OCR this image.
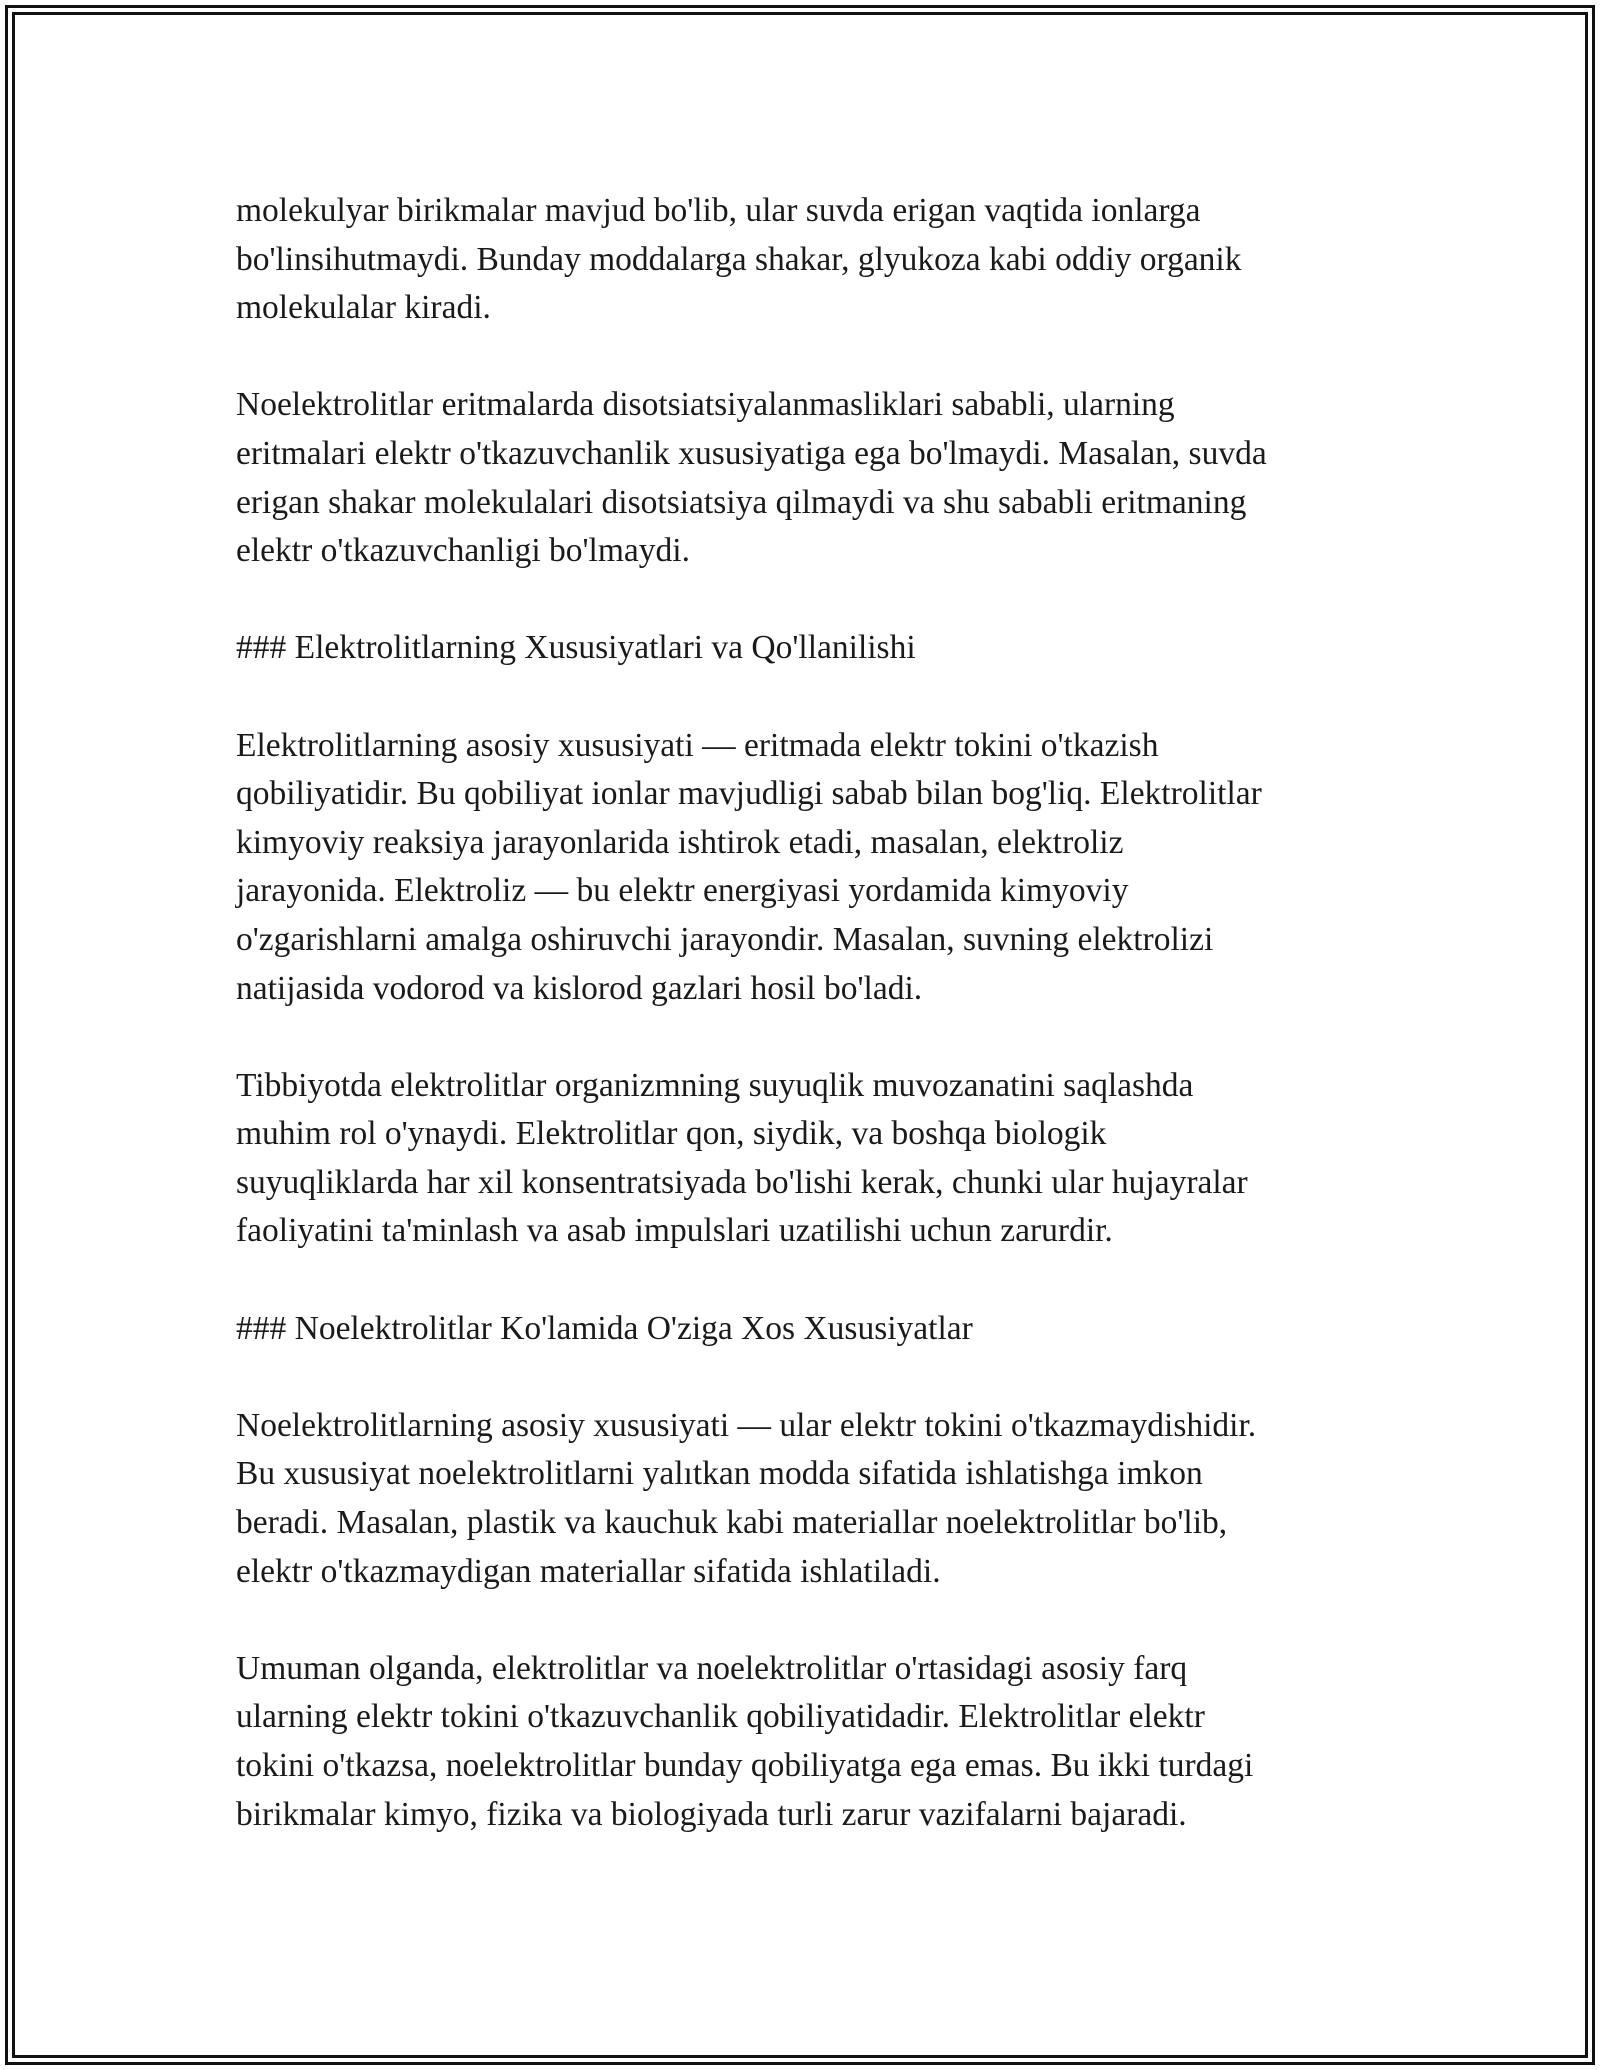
molekulyar birikmalar mavjud bo'lib, ular suvda erigan vaqtida ionlarga
bo'linsihutmaydi. Bunday moddalarga shakar, glyukoza kabi oddiy organik
molekulalar kiradi.
Noelektrolitlar eritmalarda disotsiatsiyalanmasliklari sababli, ularning
eritmalari elektr o'tkazuvchanlik xususiyatiga ega bo'lmaydi. Masalan, suvda
erigan shakar molekulalari disotsiatsiya qilmaydi va shu sababli eritmaning
elektr o'tkazuvchanligi bo'lmaydi.
### Elektrolitlarning Xususiyatlari va Qo'llanilishi
Elektrolitlarning asosiy xususiyati — eritmada elektr tokini o'tkazish
qobiliyatidir. Bu qobiliyat ionlar mavjudligi sabab bilan bog'liq. Elektrolitlar
kimyoviy reaksiya jarayonlarida ishtirok etadi, masalan, elektroliz
jarayonida. Elektroliz — bu elektr energiyasi yordamida kimyoviy
o'zgarishlarni amalga oshiruvchi jarayondir. Masalan, suvning elektrolizi
natijasida vodorod va kislorod gazlari hosil bo'ladi.
Tibbiyotda elektrolitlar organizmning suyuqlik muvozanatini saqlashda
muhim rol o'ynaydi. Elektrolitlar qon, siydik, va boshqa biologik
suyuqliklarda har xil konsentratsiyada bo'lishi kerak, chunki ular hujayralar
faoliyatini ta'minlash va asab impulslari uzatilishi uchun zarurdir.
### Noelektrolitlar Ko'lamida O'ziga Xos Xususiyatlar
Noelektrolitlarning asosiy xususiyati — ular elektr tokini o'tkazmaydishidir.
Bu xususiyat noelektrolitlarni yalıtkan modda sifatida ishlatishga imkon
beradi. Masalan, plastik va kauchuk kabi materiallar noelektrolitlar bo'lib,
elektr o'tkazmaydigan materiallar sifatida ishlatiladi.
Umuman olganda, elektrolitlar va noelektrolitlar o'rtasidagi asosiy farq
ularning elektr tokini o'tkazuvchanlik qobiliyatidadir. Elektrolitlar elektr
tokini o'tkazsa, noelektrolitlar bunday qobiliyatga ega emas. Bu ikki turdagi
birikmalar kimyo, fizika va biologiyada turli zarur vazifalarni bajaradi.
